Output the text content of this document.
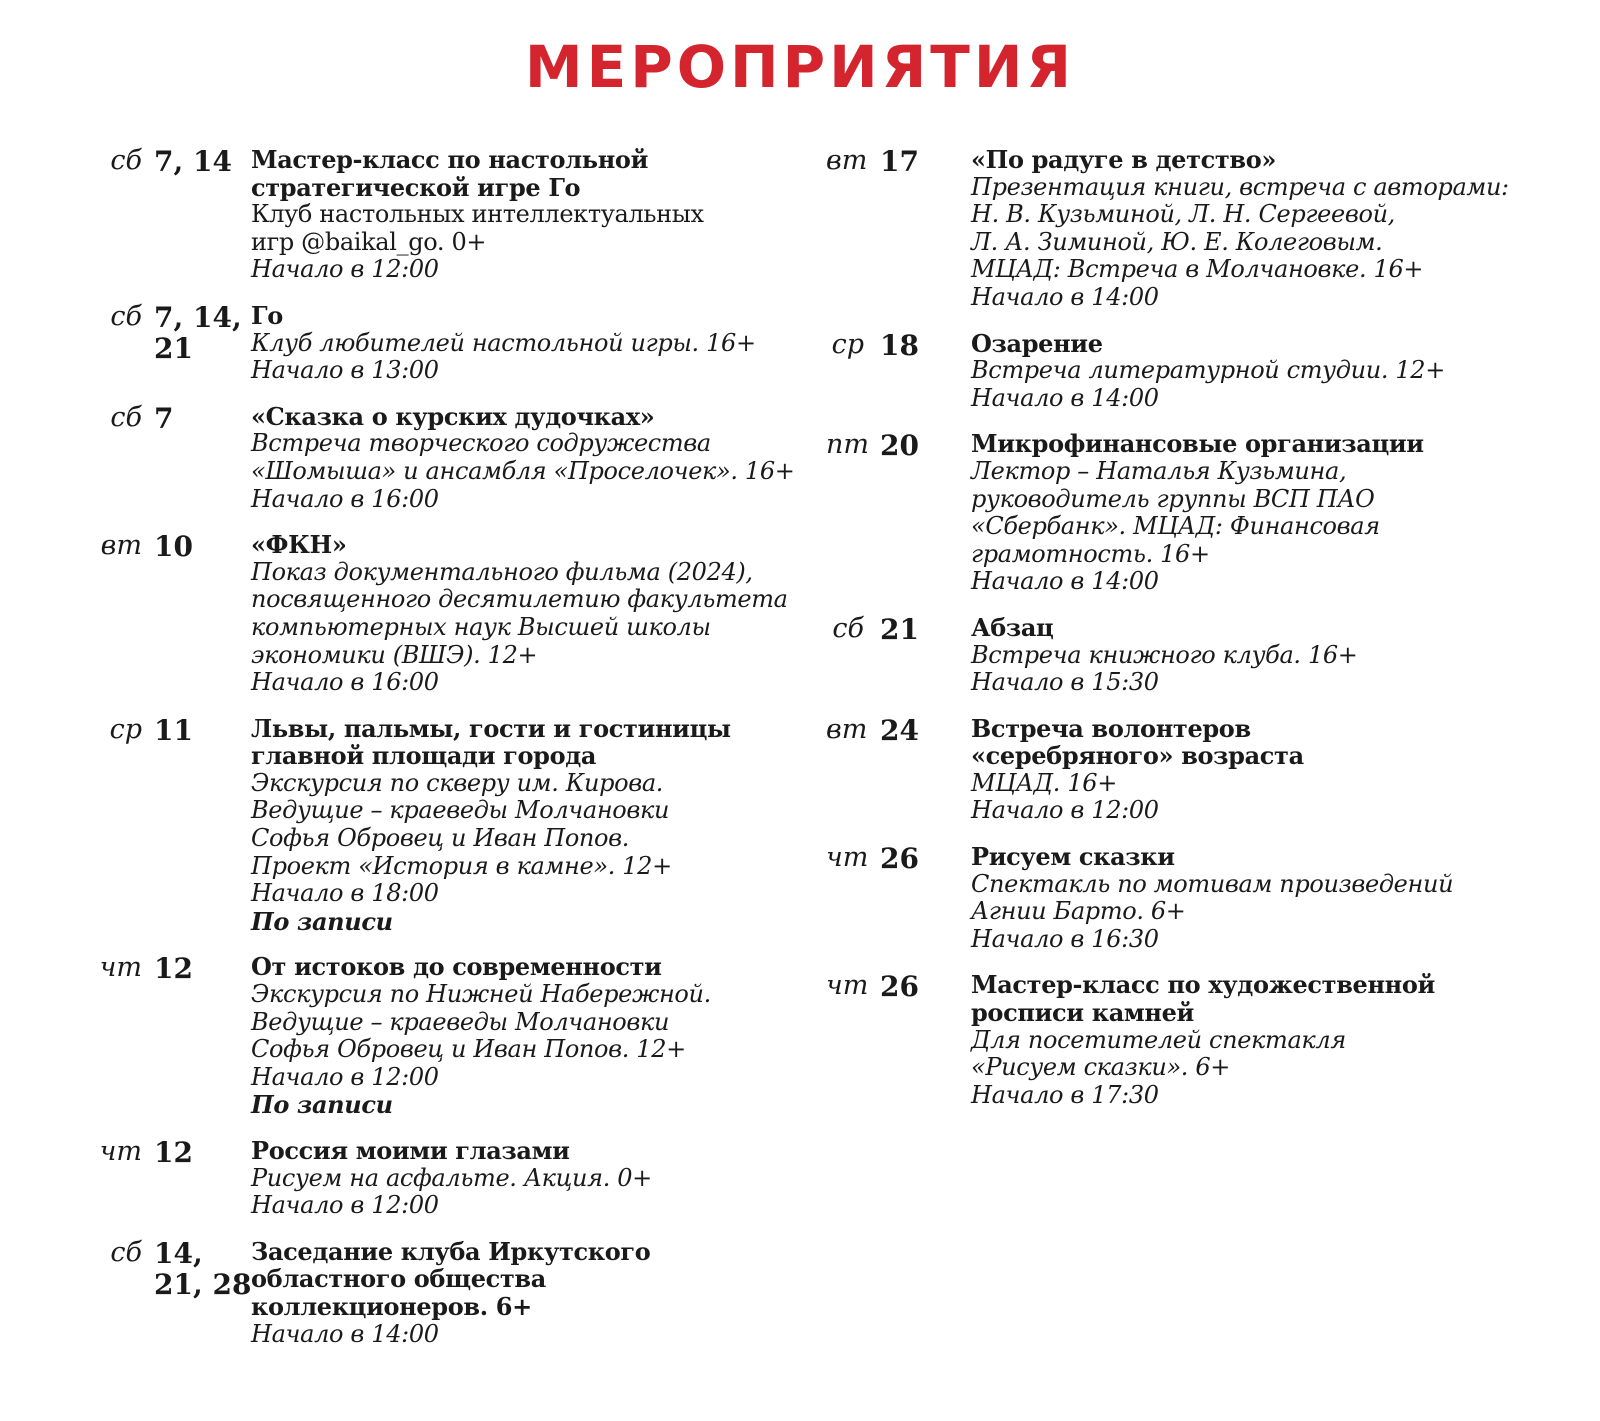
МЕРОПРИЯТИЯ
сб 7, 14 Мастер-класс по настольной
стратегической игре Го
Клуб настольных интеллектуальных
игр @baikal_go. 0+
Начало в 12:00
сб 7, 14,
21
Го
Клуб любителей настольной игры. 16+
Начало в 13:00
сб 7	«Сказка о курских дудочках»
Встреча творческого содружества
«Шомыша» и ансамбля «Проселочек». 16+
Начало в 16:00
вт 10 «ФКН»
Показ документального фильма (2024),
посвященного десятилетию факультета
компьютерных наук Высшей школы
экономики (ВШЭ). 12+
Начало в 16:00
ср 11 Львы, пальмы, гости и гостиницы
главной площади города
Экскурсия по скверу им. Кирова.
Ведущие – краеведы Молчановки
Софья Обровец и Иван Попов.
Проект «История в камне». 12+
Начало в 18:00
По записи
чт 12 От истоков до современности
Экскурсия по Нижней Набережной.
Ведущие – краеведы Молчановки
Софья Обровец и Иван Попов. 12+
Начало в 12:00
По записи
чт 12 Россия моими глазами
Рисуем на асфальте. Акция. 0+
Начало в 12:00
сб 14,
21, 28
Заседание клуба Иркутского
областного общества
коллекционеров. 6+
Начало в 14:00
вт 17 «По радуге в детство»
Презентация книги, встреча с авторами:
Н. В. Кузьминой, Л. Н. Сергеевой,
Л. А. Зиминой, Ю. Е. Колеговым.
МЦАД: Встреча в Молчановке. 16+
Начало в 14:00
ср 18 Озарение
Встреча литературной студии. 12+
Начало в 14:00
пт 20 Микрофинансовые организации
Лектор – Наталья Кузьмина,
руководитель группы ВСП ПАО
«Сбербанк». МЦАД: Финансовая
грамотность. 16+
Начало в 14:00
сб 21 Абзац
Встреча книжного клуба. 16+
Начало в 15:30
вт 24 Встреча волонтеров
«серебряного» возраста
МЦАД. 16+
Начало в 12:00
чт 26 Рисуем сказки
Спектакль по мотивам произведений
Агнии Барто. 6+
Начало в 16:30
чт 26 Мастер-класс по художественной
росписи камней
Для посетителей спектакля
«Рисуем сказки». 6+
Начало в 17:30
